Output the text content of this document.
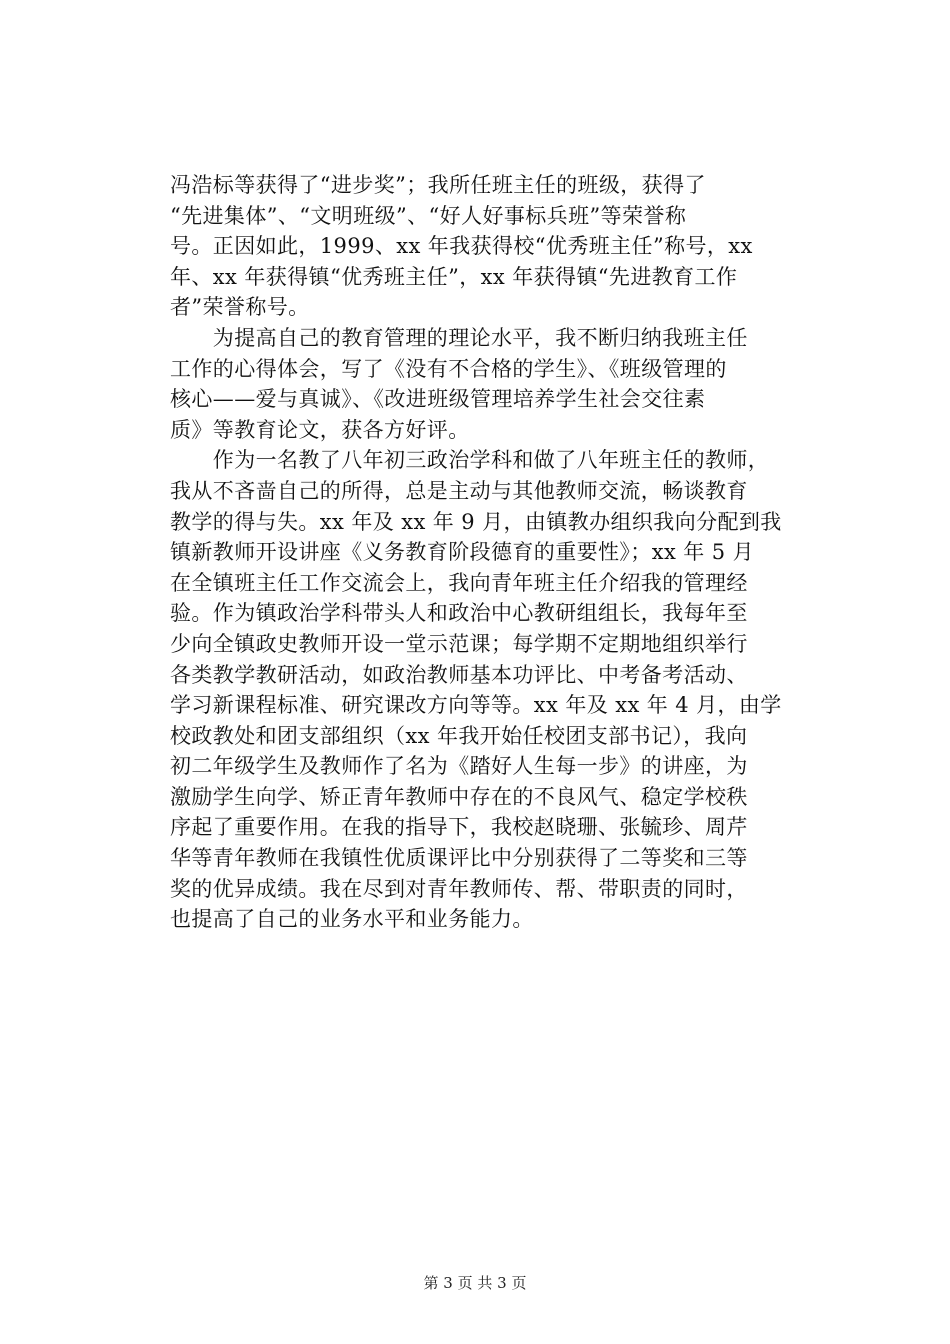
冯浩标等获得了“进步奖”；我所任班主任的班级，获得了
“先进集体”、“文明班级”、“好人好事标兵班”等荣誉称
号。正因如此，1999、xx 年我获得校“优秀班主任”称号，xx
年、xx 年获得镇“优秀班主任”，xx 年获得镇“先进教育工作
者”荣誉称号。
　　为提高自己的教育管理的理论水平，我不断归纳我班主任
工作的心得体会，写了《没有不合格的学生》、《班级管理的
核心——爱与真诚》、《改进班级管理培养学生社会交往素
质》等教育论文，获各方好评。
　　作为一名教了八年初三政治学科和做了八年班主任的教师，
我从不吝啬自己的所得，总是主动与其他教师交流，畅谈教育
教学的得与失。xx 年及 xx 年 9 月，由镇教办组织我向分配到我
镇新教师开设讲座《义务教育阶段德育的重要性》；xx 年 5 月
在全镇班主任工作交流会上，我向青年班主任介绍我的管理经
验。作为镇政治学科带头人和政治中心教研组组长，我每年至
少向全镇政史教师开设一堂示范课；每学期不定期地组织举行
各类教学教研活动，如政治教师基本功评比、中考备考活动、
学习新课程标准、研究课改方向等等。xx 年及 xx 年 4 月，由学
校政教处和团支部组织（xx 年我开始任校团支部书记），我向
初二年级学生及教师作了名为《踏好人生每一步》的讲座，为
激励学生向学、矫正青年教师中存在的不良风气、稳定学校秩
序起了重要作用。在我的指导下，我校赵晓珊、张毓珍、周芹
华等青年教师在我镇性优质课评比中分别获得了二等奖和三等
奖的优异成绩。我在尽到对青年教师传、帮、带职责的同时，
也提高了自己的业务水平和业务能力。
第 3 页 共 3 页
